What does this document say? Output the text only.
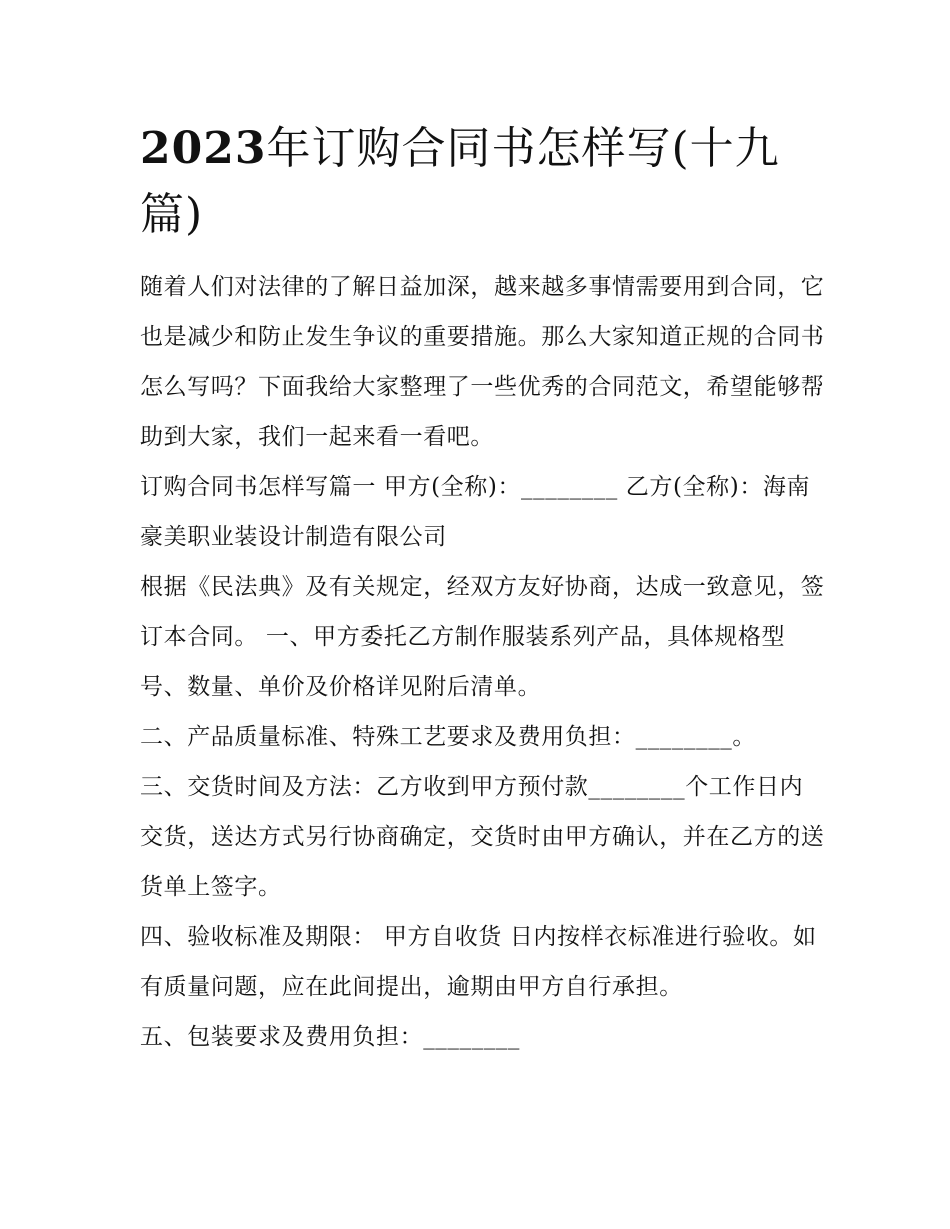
2023年订购合同书怎样写(十九篇)

随着人们对法律的了解日益加深，越来越多事情需要用到合同，它也是减少和防止发生争议的重要措施。那么大家知道正规的合同书怎么写吗？下面我给大家整理了一些优秀的合同范文，希望能够帮助到大家，我们一起来看一看吧。

订购合同书怎样写篇一 甲方(全称)：________ 乙方(全称)：海南豪美职业装设计制造有限公司

根据《民法典》及有关规定，经双方友好协商，达成一致意见，签订本合同。 一、甲方委托乙方制作服装系列产品，具体规格型号、数量、单价及价格详见附后清单。

二、产品质量标准、特殊工艺要求及费用负担：________。

三、交货时间及方法：乙方收到甲方预付款________个工作日内交货，送达方式另行协商确定，交货时由甲方确认，并在乙方的送货单上签字。

四、验收标准及期限： 甲方自收货 日内按样衣标准进行验收。如有质量问题，应在此间提出，逾期由甲方自行承担。

五、包装要求及费用负担：________
